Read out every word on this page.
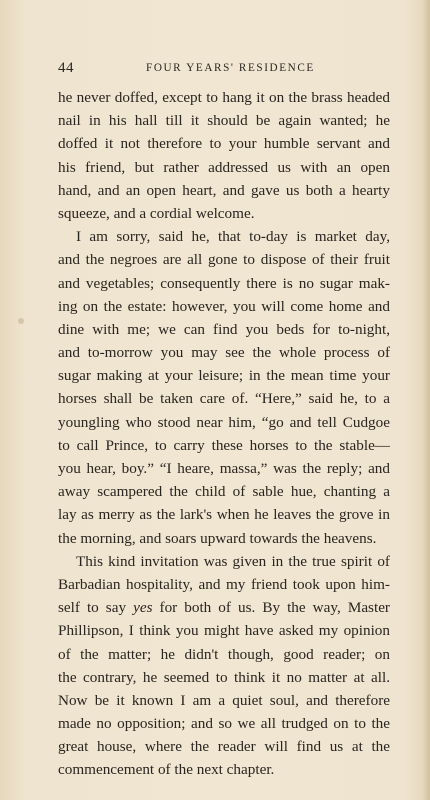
44	FOUR YEARS' RESIDENCE
he never doffed, except to hang it on the brass headed
nail in his hall till it should be again wanted; he
doffed it not therefore to your humble servant and
his friend, but rather addressed us with an open
hand, and an open heart, and gave us both a hearty
squeeze, and a cordial welcome.
I am sorry, said he, that to-day is market day,
and the negroes are all gone to dispose of their fruit
and vegetables; consequently there is no sugar mak-
ing on the estate: however, you will come home and
dine with me; we can find you beds for to-night,
and to-morrow you may see the whole process of
sugar making at your leisure; in the mean time your
horses shall be taken care of. “Here,” said he, to a
youngling who stood near him, “go and tell Cudgoe
to call Prince, to carry these horses to the stable—
you hear, boy.” “I heare, massa,” was the reply; and
away scampered the child of sable hue, chanting a
lay as merry as the lark's when he leaves the grove in
the morning, and soars upward towards the heavens.
This kind invitation was given in the true spirit of
Barbadian hospitality, and my friend took upon him-
self to say yes for both of us. By the way, Master
Phillipson, I think you might have asked my opinion
of the matter; he didn't though, good reader; on
the contrary, he seemed to think it no matter at all.
Now be it known I am a quiet soul, and therefore
made no opposition; and so we all trudged on to the
great house, where the reader will find us at the
commencement of the next chapter.
